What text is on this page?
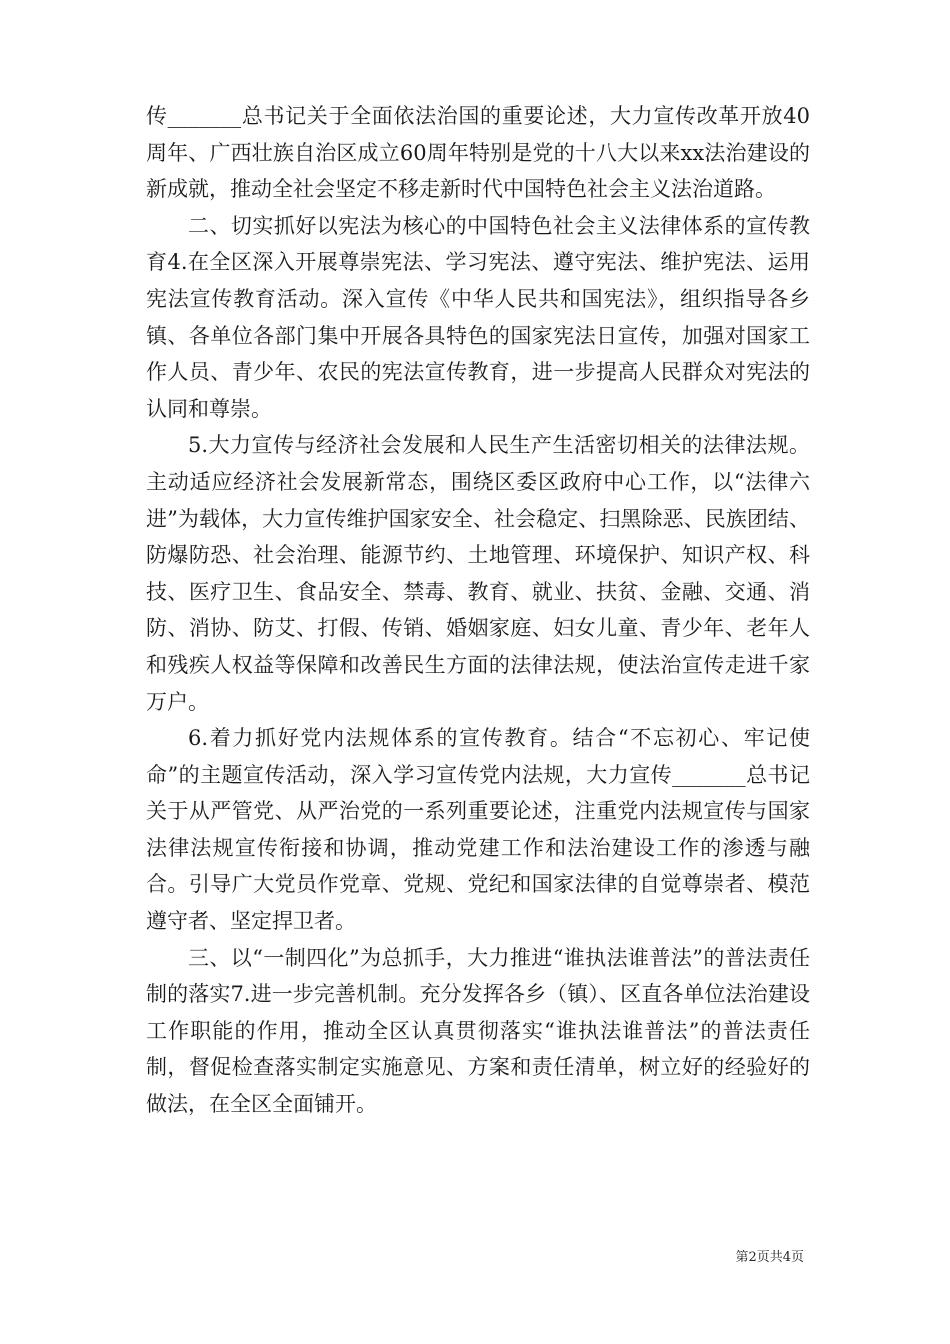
传_______总书记关于全面依法治国的重要论述，大力宣传改革开放40周年、广西壮族自治区成立60周年特别是党的十八大以来xx法治建设的新成就，推动全社会坚定不移走新时代中国特色社会主义法治道路。

二、切实抓好以宪法为核心的中国特色社会主义法律体系的宣传教育4.在全区深入开展尊崇宪法、学习宪法、遵守宪法、维护宪法、运用宪法宣传教育活动。深入宣传《中华人民共和国宪法》，组织指导各乡镇、各单位各部门集中开展各具特色的国家宪法日宣传，加强对国家工作人员、青少年、农民的宪法宣传教育，进一步提高人民群众对宪法的认同和尊崇。

5.大力宣传与经济社会发展和人民生产生活密切相关的法律法规。主动适应经济社会发展新常态，围绕区委区政府中心工作，以“法律六进”为载体，大力宣传维护国家安全、社会稳定、扫黑除恶、民族团结、防爆防恐、社会治理、能源节约、土地管理、环境保护、知识产权、科技、医疗卫生、食品安全、禁毒、教育、就业、扶贫、金融、交通、消防、消协、防艾、打假、传销、婚姻家庭、妇女儿童、青少年、老年人和残疾人权益等保障和改善民生方面的法律法规，使法治宣传走进千家万户。

6.着力抓好党内法规体系的宣传教育。结合“不忘初心、牢记使命”的主题宣传活动，深入学习宣传党内法规，大力宣传_______总书记关于从严管党、从严治党的一系列重要论述，注重党内法规宣传与国家法律法规宣传衔接和协调，推动党建工作和法治建设工作的渗透与融合。引导广大党员作党章、党规、党纪和国家法律的自觉尊崇者、模范遵守者、坚定捍卫者。

三、以“一制四化”为总抓手，大力推进“谁执法谁普法”的普法责任制的落实7.进一步完善机制。充分发挥各乡（镇）、区直各单位法治建设工作职能的作用，推动全区认真贯彻落实“谁执法谁普法”的普法责任制，督促检查落实制定实施意见、方案和责任清单，树立好的经验好的做法，在全区全面铺开。

第2页共4页
